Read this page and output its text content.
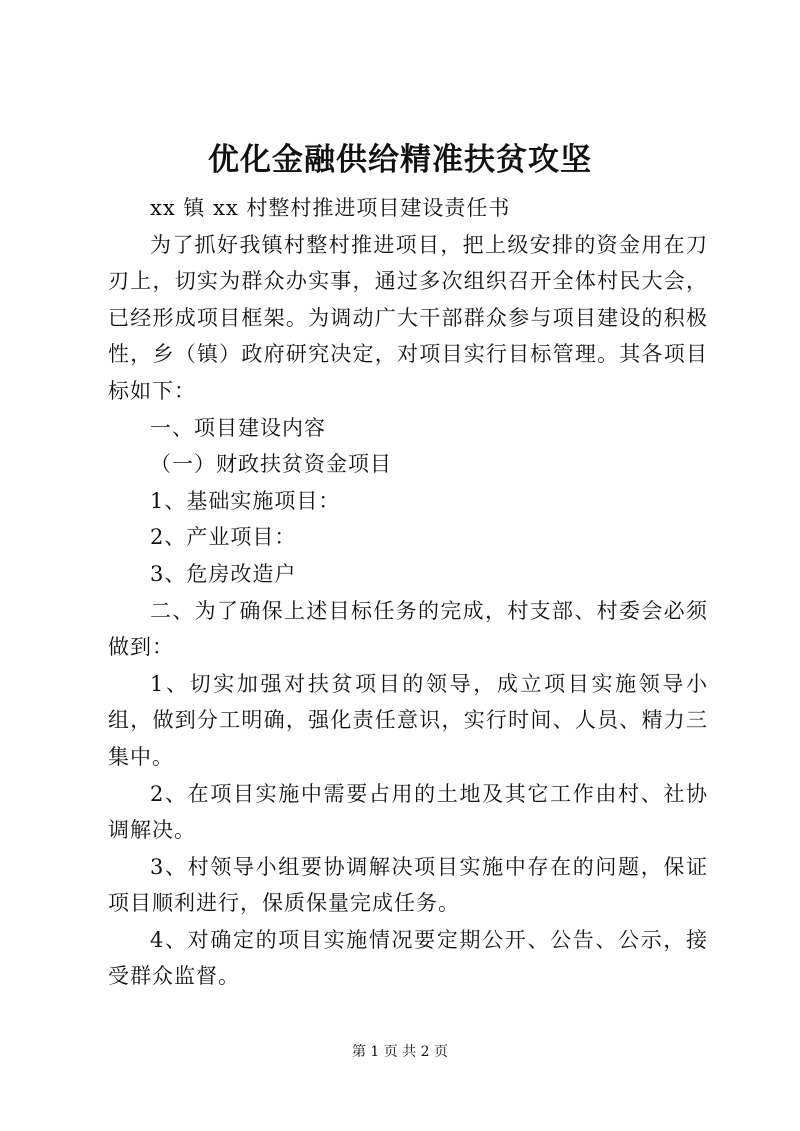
优化金融供给精准扶贫攻坚

xx 镇 xx 村整村推进项目建设责任书

为了抓好我镇村整村推进项目，把上级安排的资金用在刀刃上，切实为群众办实事，通过多次组织召开全体村民大会，已经形成项目框架。为调动广大干部群众参与项目建设的积极性，乡（镇）政府研究决定，对项目实行目标管理。其各项目标如下：

一、项目建设内容

（一）财政扶贫资金项目

1、基础实施项目：

2、产业项目：

3、危房改造户

二、为了确保上述目标任务的完成，村支部、村委会必须做到：

1、切实加强对扶贫项目的领导，成立项目实施领导小组，做到分工明确，强化责任意识，实行时间、人员、精力三集中。

2、在项目实施中需要占用的土地及其它工作由村、社协调解决。

3、村领导小组要协调解决项目实施中存在的问题，保证项目顺利进行，保质保量完成任务。

4、对确定的项目实施情况要定期公开、公告、公示，接受群众监督。

第 1 页 共 2 页
